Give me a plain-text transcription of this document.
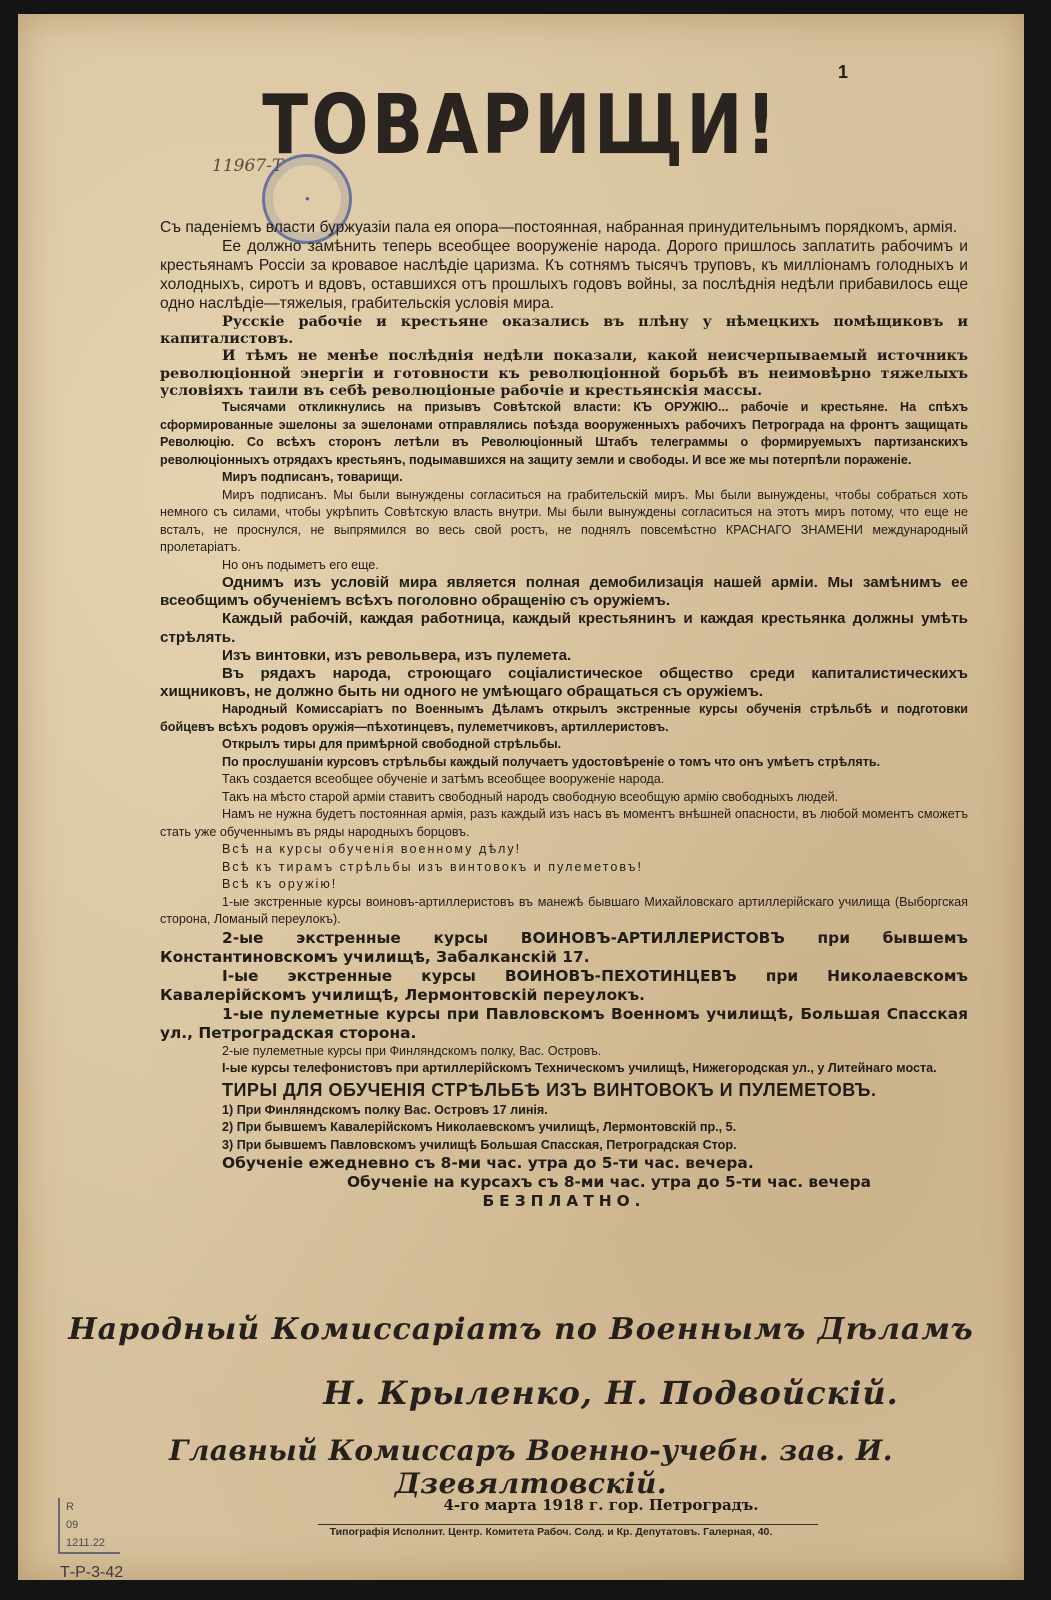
1
ТОВАРИЩИ!
11967-Т
●

Съ паденіемъ власти буржуазіи пала ея опора—постоянная, набранная принудительнымъ порядкомъ, армія.

Ее должно замѣнить теперь всеобщее вооруженіе народа. Дорого пришлось заплатить рабочимъ и крестьянамъ Россіи за кровавое наслѣдіе царизма. Къ сотнямъ тысячъ труповъ, къ милліонамъ голодныхъ и холодныхъ, сиротъ и вдовъ, оставшихся отъ прошлыхъ годовъ войны, за послѣднія недѣли прибавилось еще одно наслѣдіе—тяжелыя, грабительскія условія мира.

Русскіе рабочіе и крестьяне оказались въ плѣну у нѣмецкихъ помѣщиковъ и капиталистовъ.

И тѣмъ не менѣе послѣднія недѣли показали, какой неисчерпываемый источникъ революціонной энергіи и готовности къ революціонной борьбѣ въ неимовѣрно тяжелыхъ условіяхъ таили въ себѣ революціоные рабочіе и крестьянскія массы.

Тысячами откликнулись на призывъ Совѣтской власти: КЪ ОРУЖІЮ... рабочіе и крестьяне. На спѣхъ сформированные эшелоны за эшелонами отправлялись поѣзда вооруженныхъ рабочихъ Петрограда на фронтъ защищать Революцію. Со всѣхъ сторонъ летѣли въ Революціонный Штабъ телеграммы о формируемыхъ партизанскихъ революціонныхъ отрядахъ крестьянъ, подымавшихся на защиту земли и свободы. И все же мы потерпѣли пораженіе.

Миръ подписанъ, товарищи.

Миръ подписанъ. Мы были вынуждены согласиться на грабительскій миръ. Мы были вынуждены, чтобы собраться хоть немного съ силами, чтобы укрѣпить Совѣтскую власть внутри. Мы были вынуждены согласиться на этотъ миръ потому, что еще не всталъ, не проснулся, не выпрямился во весь свой ростъ, не поднялъ повсемѣстно КРАСНАГО ЗНАМЕНИ международный пролетаріатъ.

Но онъ подыметъ его еще.

Однимъ изъ условій мира является полная демобилизація нашей арміи. Мы замѣнимъ ее всеобщимъ обученіемъ всѣхъ поголовно обращенію съ оружіемъ.

Каждый рабочій, каждая работница, каждый крестьянинъ и каждая крестьянка должны умѣть стрѣлять.

Изъ винтовки, изъ револьвера, изъ пулемета.

Въ рядахъ народа, строющаго соціалистическое общество среди капиталистическихъ хищниковъ, не должно быть ни одного не умѣющаго обращаться съ оружіемъ.

Народный Комиссаріатъ по Военнымъ Дѣламъ открылъ экстренные курсы обученія стрѣльбѣ и подготовки бойцевъ всѣхъ родовъ оружія—пѣхотинцевъ, пулеметчиковъ, артиллеристовъ.

Открылъ тиры для примѣрной свободной стрѣльбы.

По прослушаніи курсовъ стрѣльбы каждый получаетъ удостовѣреніе о томъ что онъ умѣетъ стрѣлять.

Такъ создается всеобщее обученіе и затѣмъ всеобщее вооруженіе народа.

Такъ на мѣсто старой арміи ставитъ свободный народъ свободную всеобщую армію свободныхъ людей.

Намъ не нужна будетъ постоянная армія, разъ каждый изъ насъ въ моментъ внѣшней опасности, въ любой моментъ сможетъ стать уже обученнымъ въ ряды народныхъ борцовъ.

Всѣ на курсы обученія военному дѣлу!

Всѣ къ тирамъ стрѣльбы изъ винтовокъ и пулеметовъ!

Всѣ къ оружію!

1-ые экстренные курсы воиновъ-артиллеристовъ въ манежѣ бывшаго Михайловскаго артиллерійскаго училища (Выборгская сторона, Ломаный переулокъ).

2-ые экстренные курсы ВОИНОВЪ-АРТИЛЛЕРИСТОВЪ при бывшемъ Константиновскомъ училищѣ, Забалканскій 17.

I-ые экстренные курсы ВОИНОВЪ-ПЕХОТИНЦЕВЪ при Николаевскомъ Кавалерійскомъ училищѣ, Лермонтовскій переулокъ.

1-ые пулеметные курсы при Павловскомъ Военномъ училищѣ, Большая Спасская ул., Петроградская сторона.

2-ые пулеметные курсы при Финляндскомъ полку, Вас. Островъ.

I-ые курсы телефонистовъ при артиллерійскомъ Техническомъ училищѣ, Нижегородская ул., у Литейнаго моста.

ТИРЫ ДЛЯ ОБУЧЕНІЯ СТРѢЛЬБѢ ИЗЪ ВИНТОВОКЪ И ПУЛЕМЕТОВЪ.

1) При Финляндскомъ полку Вас. Островъ 17 линія.

2) При бывшемъ Кавалерійскомъ Николаевскомъ училищѣ, Лермонтовскій пр., 5.

3) При бывшемъ Павловскомъ училищѣ Большая Спасская, Петроградская Стор.

Обученіе ежедневно съ 8-ми час. утра до 5-ти час. вечера.

Обученіе на курсахъ съ 8-ми час. утра до 5-ти час. вечера

БЕЗПЛАТНО.

Народный Комиссаріатъ по Военнымъ Дѣламъ
Н. Крыленко, Н. Подвойскій.
Главный Комиссаръ Военно-учебн. зав. И. Дзевялтовскій.
4-го марта 1918 г. гор. Петроградъ.
Типографія Исполнит. Центр. Комитета Рабоч. Солд. и Кр. Депутатовъ. Галерная, 40.
R
09
1211.22
Т-Р-3-42
